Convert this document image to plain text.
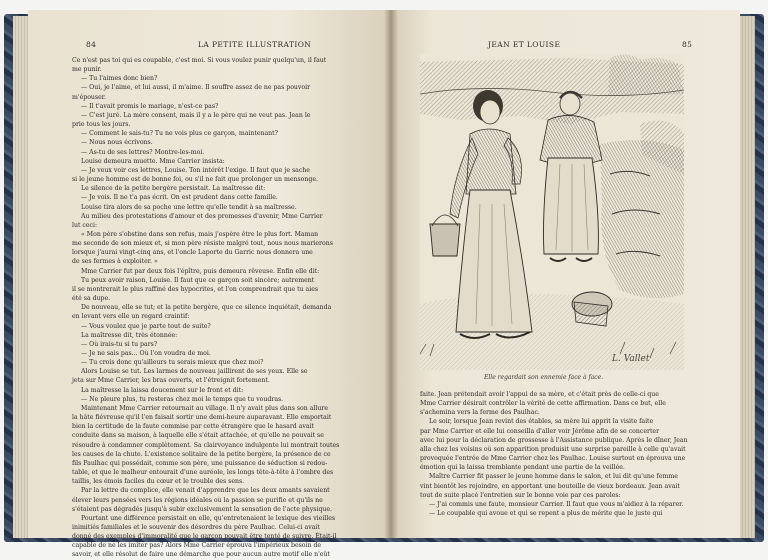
84	LA PETITE ILLUSTRATION
Ce n'est pas toi qui es coupable, c'est moi. Si vous voulez punir quelqu'un, il faut
me punir.
— Tu l'aimes donc bien?
— Oui, je l'aime, et lui aussi, il m'aime. Il souffre assez de ne pas pouvoir
m'épouser.
— Il t'avait promis le mariage, n'est-ce pas?
— C'est juré. La mère consent, mais il y a le père qui ne veut pas. Jean le
prie tous les jours.
— Comment le sais-tu? Tu ne vois plus ce garçon, maintenant?
— Nous nous écrivons.
— As-tu de ses lettres? Montre-les-moi.
Louise demeura muette. Mme Carrier insista:
— Je veux voir ces lettres, Louise. Ton intérêt l'exige. Il faut que je sache
si le jeune homme est de bonne foi, ou s'il ne fait que prolonger un mensonge.
Le silence de la petite bergère persistait. La maîtresse dit:
— Je vois. Il ne t'a pas écrit. On est prudent dans cette famille.
Louise tira alors de sa poche une lettre qu'elle tendit à sa maîtresse.
Au milieu des protestations d'amour et des promesses d'avenir, Mme Carrier
lut ceci:
« Mon père s'obstine dans son refus, mais j'espère être le plus fort. Maman
me seconde de son mieux et, si mon père résiste malgré tout, nous nous marierons
lorsque j'aurai vingt-cinq ans, et l'oncle Laporte du Garric nous donnera une
de ses fermes à exploiter. »
Mme Carrier fut par deux fois l'épître, puis demeura rêveuse. Enfin elle dit:
Tu peux avoir raison, Louise. Il faut que ce garçon soit sincère; autrement
il se montrerait le plus raffiné des hypocrites, et l'on comprendrait que tu aies
été sa dupe.
De nouveau, elle se tut; et la petite bergère, que ce silence inquiétait, demanda
en levant vers elle un regard craintif:
— Vous voulez que je parte tout de suite?
La maîtresse dit, très étonnée:
— Où irais-tu si tu pars?
— Je ne sais pas... Où l'on voudra de moi.
— Tu crois donc qu'ailleurs tu serais mieux que chez moi?
Alors Louise se tut. Les larmes de nouveau jaillirent de ses yeux. Elle se
jeta sur Mme Carrier, les bras ouverts, et l'étreignit fortement.
La maîtresse la laissa doucement sur le front et dit:
— Ne pleure plus, tu resteras chez moi le temps que tu voudras.
Maintenant Mme Carrier retournait au village. Il n'y avait plus dans son allure
la hâte fiévreuse qu'il l'en faisait sortir une demi-heure auparavant. Elle emportait
bien la certitude de la faute commise par cette étrangère que le hasard avait
conduite dans sa maison, à laquelle elle s'était attachée, et qu'elle ne pouvait se
résoudre à condamner complètement. Sa clairvoyance indulgente lui montrait toutes
les causes de la chute. L'existence solitaire de la petite bergère, la présence de ce
fils Paulhac qui possédait, comme son père, une puissance de séduction si redou-
table, et que le malheur entourait d'une auréole, les longs tête-à-tête à l'ombre des
taillis, les émois faciles du cœur et le trouble des sens.
Par la lettre du complice, elle venait d'apprendre que les deux amants savaient
élever leurs pensées vers les régions idéales où la passion se purifie et qu'ils ne
s'étaient pas dégradés jusqu'à subir exclusivement la sensation de l'acte physique.
Pourtant une différence persistait en elle, qu'entretenaient le lexique des vieilles
inimitiés familiales et le souvenir des désordres du père Paulhac. Celui-ci avait
donné des exemples d'immoralité que le garçon pouvait être tenté de suivre. Était-il
capable de ne les imiter pas? Alors Mme Carrier éprouva l'impérieux besoin de
savoir, et elle résolut de faire une démarche que pour aucun autre motif elle n'eût
JEAN ET LOUISE	85
L. Vallet
Elle regardait son ennemie face à face.
faite. Jean prétendait avoir l'appui de sa mère, et c'était près de celle-ci que
Mme Carrier désirait contrôler la vérité de cette affirmation. Dans ce but, elle
s'achemina vers la ferme des Paulhac.
Le soir, lorsque Jean revint des étables, sa mère lui apprit la visite faite
par Mme Carrier et elle lui conseilla d'aller voir Jérôme afin de se concerter
avec lui pour la déclaration de grossesse à l'Assistance publique. Après le dîner, Jean
alla chez les voisins où son apparition produisit une surprise pareille à celle qu'avait
provoquée l'entrée de Mme Carrier chez les Paulhac. Louise surtout en éprouva une
émotion qui la laissa tremblante pendant une partie de la veillée.
Maître Carrier fit passer le jeune homme dans le salon, et lui dit qu'une femme
vint bientôt les rejoindre, en apportant une bouteille de vieux bordeaux. Jean avait
tout de suite placé l'entretien sur le bonne voie par ces paroles:
— J'ai commis une faute, monsieur Carrier. Il faut que vous m'aidiez à la réparer.
— Le coupable qui avoue et qui se repent a plus de mérite que le juste qui
